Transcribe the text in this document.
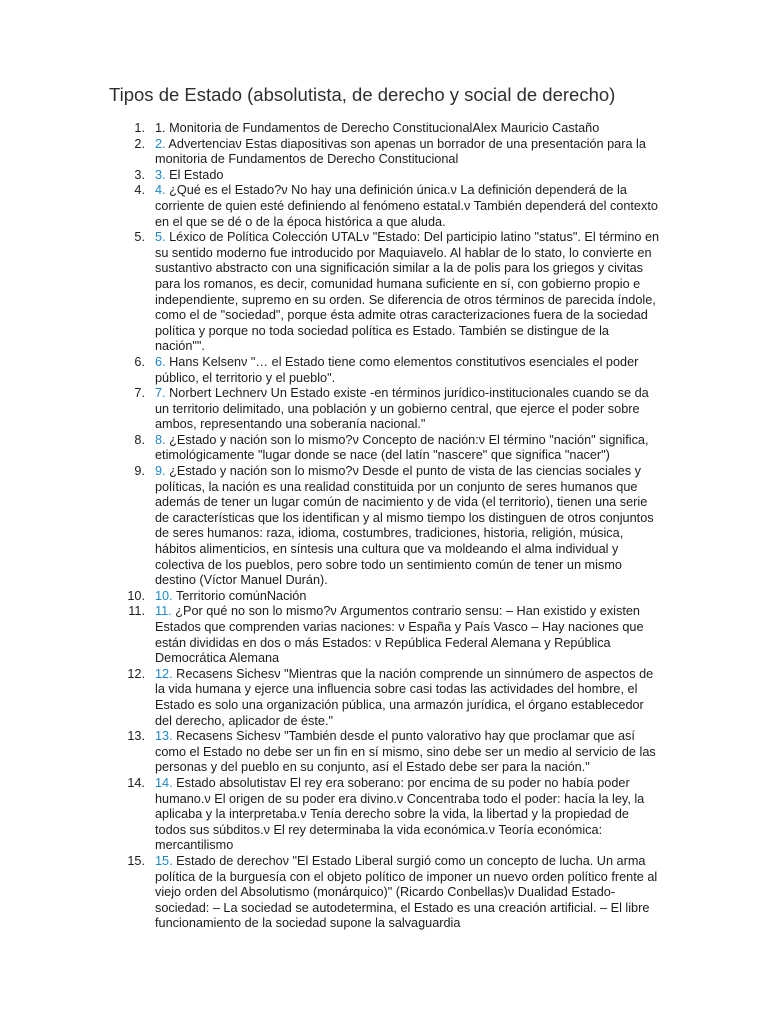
Tipos de Estado (absolutista, de derecho y social de derecho)
1. 1. Monitoria de Fundamentos de Derecho ConstitucionalAlex Mauricio Castaño
2. 2. Advertenciaν Estas diapositivas son apenas un borrador de una presentación para la monitoria de Fundamentos de Derecho Constitucional
3. 3. El Estado
4. 4. ¿Qué es el Estado?ν No hay una definición única.ν La definición dependerá de la corriente de quien esté definiendo al fenómeno estatal.ν También dependerá del contexto en el que se dé o de la época histórica a que aluda.
5. 5. Léxico de Política Colección UTALν "Estado: Del participio latino "status". El término en su sentido moderno fue introducido por Maquiavelo. Al hablar de lo stato, lo convierte en sustantivo abstracto con una significación similar a la de polis para los griegos y civitas para los romanos, es decir, comunidad humana suficiente en sí, con gobierno propio e independiente, supremo en su orden. Se diferencia de otros términos de parecida índole, como el de "sociedad", porque ésta admite otras caracterizaciones fuera de la sociedad política y porque no toda sociedad política es Estado. También se distingue de la nación"".
6. 6. Hans Kelsenν "… el Estado tiene como elementos constitutivos esenciales el poder público, el territorio y el pueblo".
7. 7. Norbert Lechnerν Un Estado existe -en términos jurídico-institucionales cuando se da un territorio delimitado, una población y un gobierno central, que ejerce el poder sobre ambos, representando una soberanía nacional."
8. 8. ¿Estado y nación son lo mismo?ν Concepto de nación:ν El término "nación" significa, etimológicamente "lugar donde se nace (del latín "nascere" que significa "nacer")
9. 9. ¿Estado y nación son lo mismo?ν Desde el punto de vista de las ciencias sociales y políticas, la nación es una realidad constituida por un conjunto de seres humanos que además de tener un lugar común de nacimiento y de vida (el territorio), tienen una serie de características que los identifican y al mismo tiempo los distinguen de otros conjuntos de seres humanos: raza, idioma, costumbres, tradiciones, historia, religión, música, hábitos alimenticios, en síntesis una cultura que va moldeando el alma individual y colectiva de los pueblos, pero sobre todo un sentimiento común de tener un mismo destino (Víctor Manuel Durán).
10. 10. Territorio comúnNación
11. 11. ¿Por qué no son lo mismo?ν Argumentos contrario sensu: – Han existido y existen Estados que comprenden varias naciones: ν España y País Vasco – Hay naciones que están divididas en dos o más Estados: ν República Federal Alemana y República Democrática Alemana
12. 12. Recasens Sichesν "Mientras que la nación comprende un sinnúmero de aspectos de la vida humana y ejerce una influencia sobre casi todas las actividades del hombre, el Estado es solo una organización pública, una armazón jurídica, el órgano establecedor del derecho, aplicador de éste."
13. 13. Recasens Sichesν "También desde el punto valorativo hay que proclamar que así como el Estado no debe ser un fin en sí mismo, sino debe ser un medio al servicio de las personas y del pueblo en su conjunto, así el Estado debe ser para la nación."
14. 14. Estado absolutistaν El rey era soberano: por encima de su poder no había poder humano.ν El origen de su poder era divino.ν Concentraba todo el poder: hacía la ley, la aplicaba y la interpretaba.ν Tenía derecho sobre la vida, la libertad y la propiedad de todos sus súbditos.ν El rey determinaba la vida económica.ν Teoría económica: mercantilismo
15. 15. Estado de derechoν "El Estado Liberal surgió como un concepto de lucha. Un arma política de la burguesía con el objeto político de imponer un nuevo orden político frente al viejo orden del Absolutismo (monárquico)" (Ricardo Conbellas)ν Dualidad Estado-sociedad: – La sociedad se autodetermina, el Estado es una creación artificial. – El libre funcionamiento de la sociedad supone la salvaguardia
